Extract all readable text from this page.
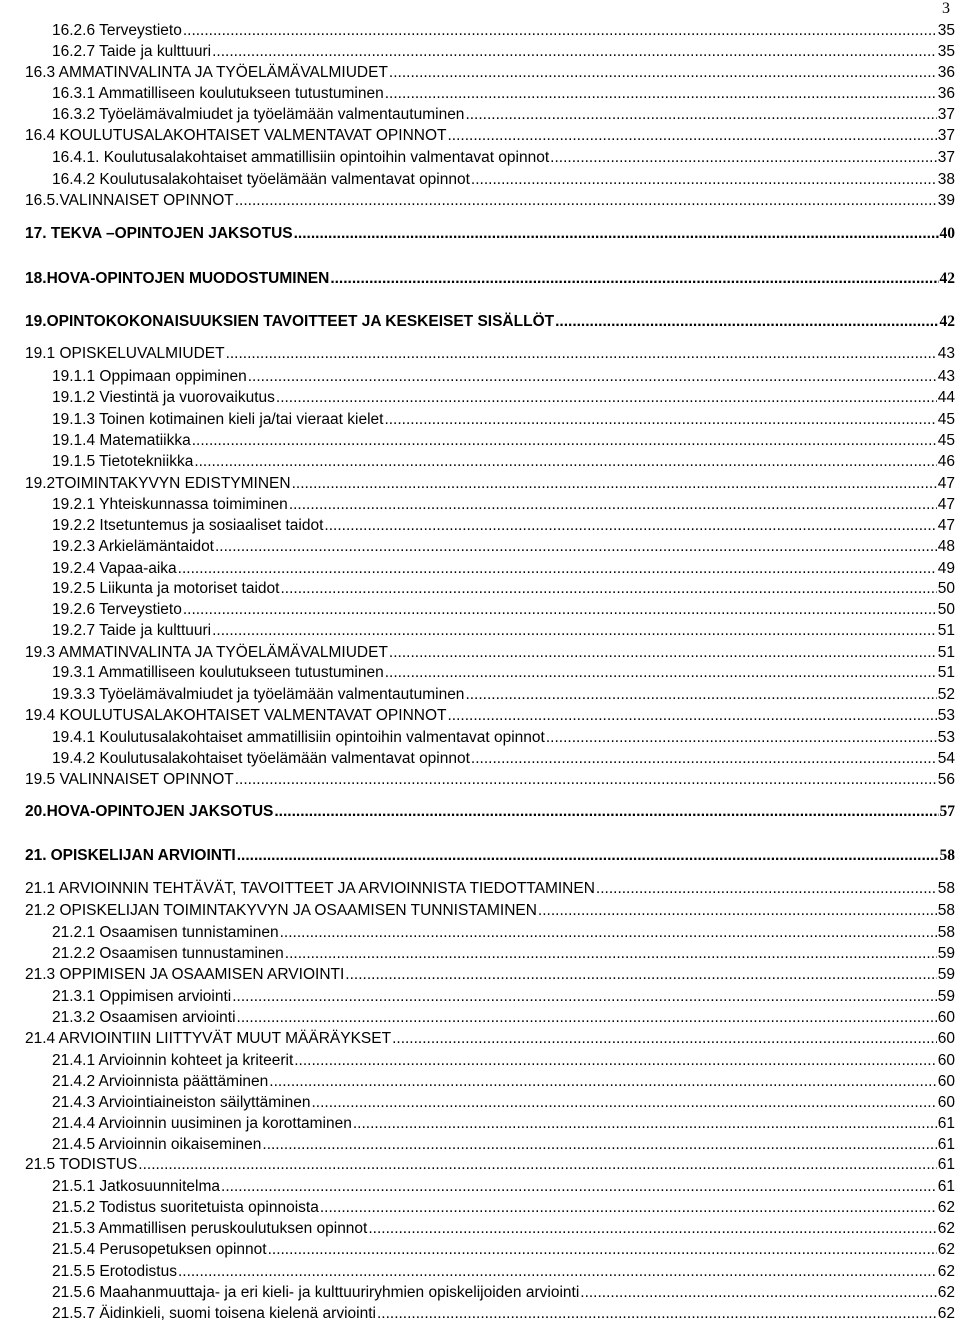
3
16.2.6 Terveystieto .....	35
16.2.7 Taide ja kulttuuri .....	35
16.3 AMMATINVALINTA JA TYÖELÄMÄVALMIUDET .....	36
16.3.1 Ammatilliseen koulutukseen tutustuminen .....	36
16.3.2 Työelämävalmiudet ja työelämään valmentautuminen .....	37
16.4 KOULUTUSALAKOHTAISET VALMENTAVAT OPINNOT .....	37
16.4.1. Koulutusalakohtaiset ammatillisiin opintoihin valmentavat opinnot .....	37
16.4.2 Koulutusalakohtaiset työelämään valmentavat opinnot .....	38
16.5.VALINNAISET OPINNOT .....	39
17 . TEKVA –OPINTOJEN JAKSOTUS .....	40
18. HOVA-OPINTOJEN MUODOSTUMINEN .....	42
19. OPINTOKOKONAISUUKSIEN TAVOITTEET JA KESKEISET SISÄLLÖT .....	42
19.1 OPISKELUVALMIUDET .....	43
19.1.1 Oppimaan oppiminen .....	43
19.1.2 Viestintä ja vuorovaikutus .....	44
19.1.3 Toinen kotimainen kieli ja/tai vieraat kielet .....	45
19.1.4 Matematiikka .....	45
19.1.5 Tietotekniikka .....	46
19.2TOIMINTAKYVYN EDISTYMINEN .....	47
19.2.1 Yhteiskunnassa toimiminen .....	47
19.2.2 Itsetuntemus ja sosiaaliset taidot .....	47
19.2.3 Arkielämäntaidot .....	48
19.2.4 Vapaa-aika .....	49
19.2.5 Liikunta ja motoriset taidot .....	50
19.2.6 Terveystieto .....	50
19.2.7 Taide ja kulttuuri .....	51
19.3 AMMATINVALINTA JA TYÖELÄMÄVALMIUDET .....	51
19.3.1 Ammatilliseen koulutukseen tutustuminen .....	51
19.3.3 Työelämävalmiudet ja työelämään valmentautuminen .....	52
19.4 KOULUTUSALAKOHTAISET VALMENTAVAT OPINNOT .....	53
19.4.1 Koulutusalakohtaiset ammatillisiin opintoihin valmentavat opinnot .....	53
19.4.2 Koulutusalakohtaiset työelämään valmentavat opinnot .....	54
19.5 VALINNAISET OPINNOT .....	56
20. HOVA-OPINTOJEN JAKSOTUS .....	57
21. OPISKELIJAN ARVIOINTI .....	58
21.1 ARVIOINNIN TEHTÄVÄT, TAVOITTEET JA ARVIOINNISTA TIEDOTTAMINEN .....	58
21.2 OPISKELIJAN TOIMINTAKYVYN JA OSAAMISEN TUNNISTAMINEN .....	58
21.2.1 Osaamisen tunnistaminen .....	58
21.2.2 Osaamisen tunnustaminen .....	59
21.3 OPPIMISEN JA OSAAMISEN ARVIOINTI .....	59
21.3.1 Oppimisen arviointi .....	59
21.3.2 Osaamisen arviointi .....	60
21.4 ARVIOINTIIN LIITTYVÄT MUUT MÄÄRÄYKSET .....	60
21.4.1 Arvioinnin kohteet ja kriteerit .....	60
21.4.2 Arvioinnista päättäminen .....	60
21.4.3 Arviointiaineiston säilyttäminen .....	60
21.4.4 Arvioinnin uusiminen ja korottaminen .....	61
21.4.5 Arvioinnin oikaiseminen .....	61
21.5 TODISTUS .....	61
21.5.1 Jatkosuunnitelma .....	61
21.5.2 Todistus suoritetuista opinnoista .....	62
21.5.3 Ammatillisen peruskoulutuksen opinnot .....	62
21.5.4 Perusopetuksen opinnot .....	62
21.5.5 Erotodistus .....	62
21.5.6 Maahanmuuttaja- ja eri kieli- ja kulttuuriryhmien opiskelijoiden arviointi .....	62
21.5.7 Äidinkieli, suomi toisena kielenä arviointi .....	62
